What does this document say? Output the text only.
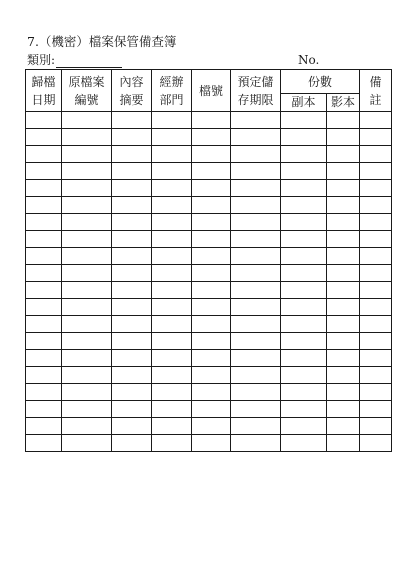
7.（機密）檔案保管備查簿
類別:	No.
歸檔日期	原檔案編號	內容摘要	經辦部門	檔號	預定儲存期限	份數		備註

						副本	影本	
